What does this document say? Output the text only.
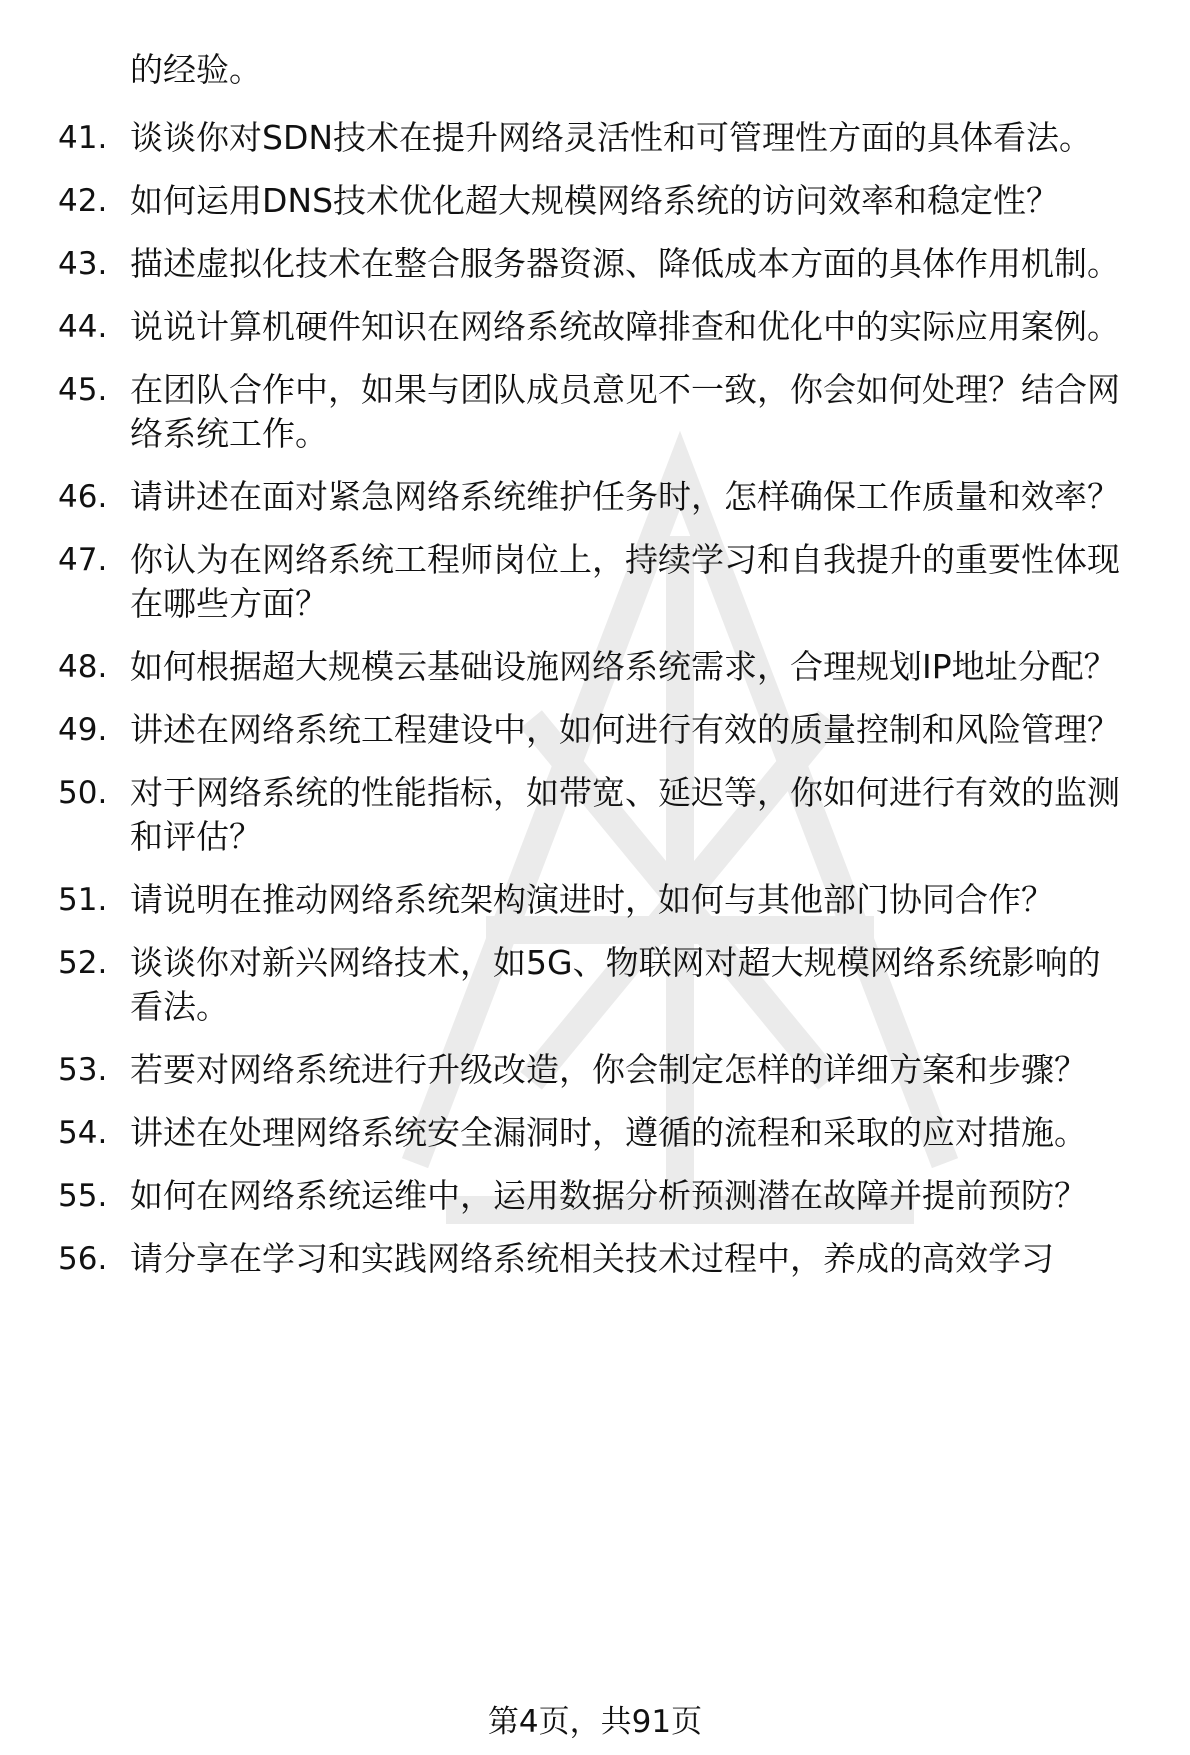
的经验。
41. 谈谈你对SDN技术在提升网络灵活性和可管理性方面的具体看法。
42. 如何运用DNS技术优化超大规模网络系统的访问效率和稳定性？
43. 描述虚拟化技术在整合服务器资源、降低成本方面的具体作用机制。
44. 说说计算机硬件知识在网络系统故障排查和优化中的实际应用案例。
45. 在团队合作中，如果与团队成员意见不一致，你会如何处理？结合网络系统工作。
46. 请讲述在面对紧急网络系统维护任务时，怎样确保工作质量和效率？
47. 你认为在网络系统工程师岗位上，持续学习和自我提升的重要性体现在哪些方面？
48. 如何根据超大规模云基础设施网络系统需求，合理规划IP地址分配？
49. 讲述在网络系统工程建设中，如何进行有效的质量控制和风险管理？
50. 对于网络系统的性能指标，如带宽、延迟等，你如何进行有效的监测和评估？
51. 请说明在推动网络系统架构演进时，如何与其他部门协同合作？
52. 谈谈你对新兴网络技术，如5G、物联网对超大规模网络系统影响的看法。
53. 若要对网络系统进行升级改造，你会制定怎样的详细方案和步骤？
54. 讲述在处理网络系统安全漏洞时，遵循的流程和采取的应对措施。
55. 如何在网络系统运维中，运用数据分析预测潜在故障并提前预防？
56. 请分享在学习和实践网络系统相关技术过程中，养成的高效学习
第4页，共91页
